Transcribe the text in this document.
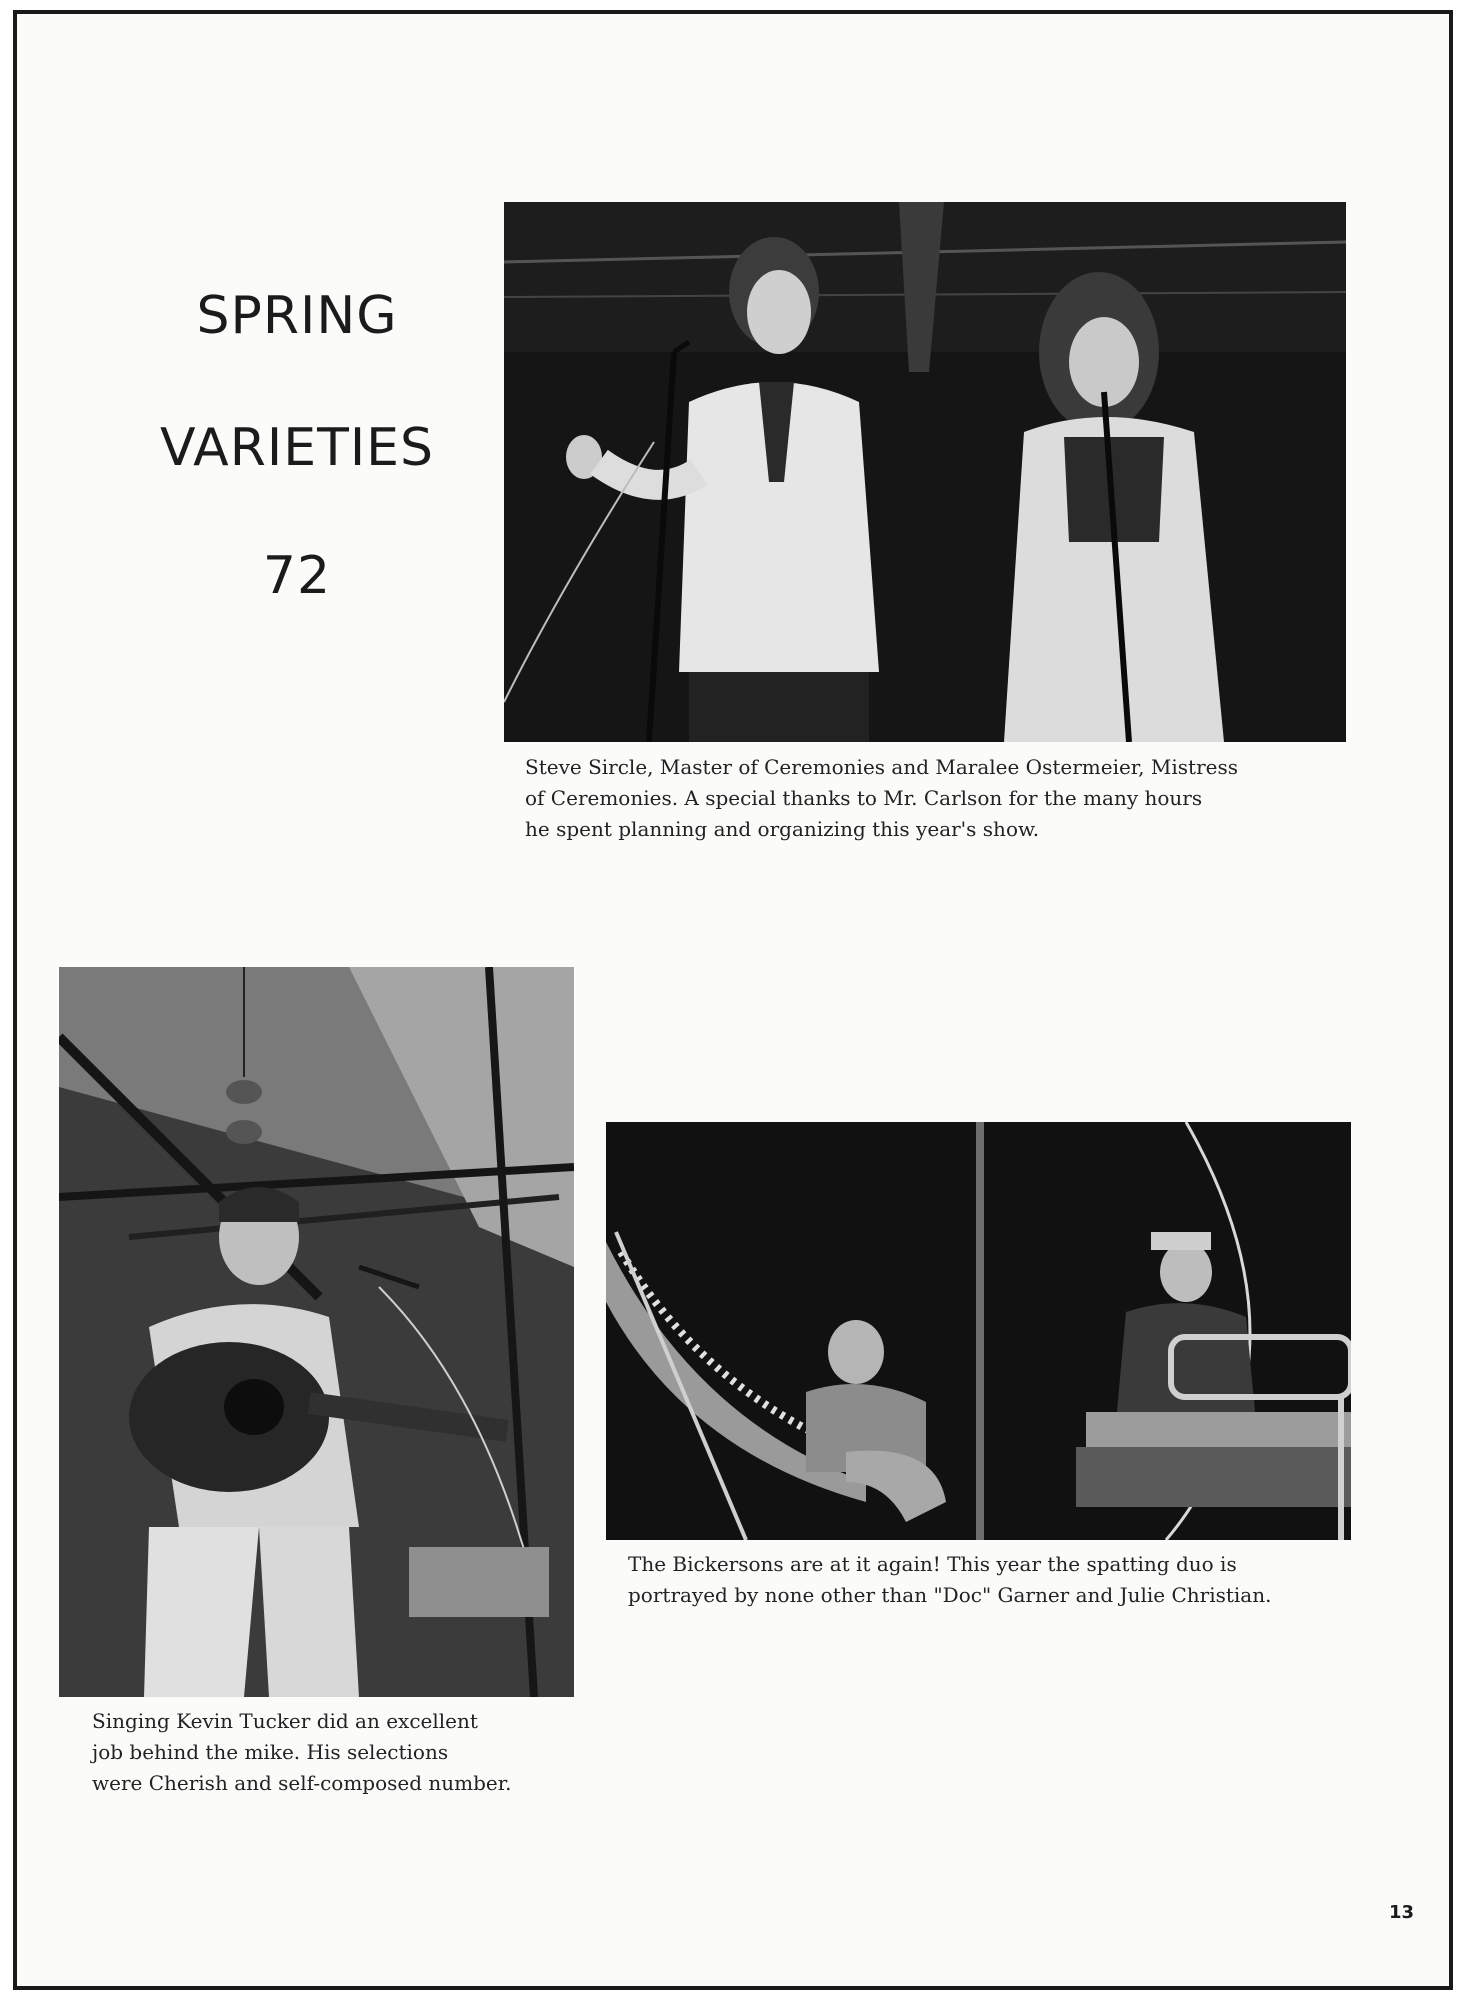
SPRING
VARIETIES
72
Steve Sircle, Master of Ceremonies and Maralee Ostermeier, Mistress
of Ceremonies. A special thanks to Mr. Carlson for the many hours
he spent planning and organizing this year's show.
Singing Kevin Tucker did an excellent
job behind the mike. His selections
were Cherish and self-composed number.
The Bickersons are at it again! This year the spatting duo is
portrayed by none other than "Doc" Garner and Julie Christian.
13
